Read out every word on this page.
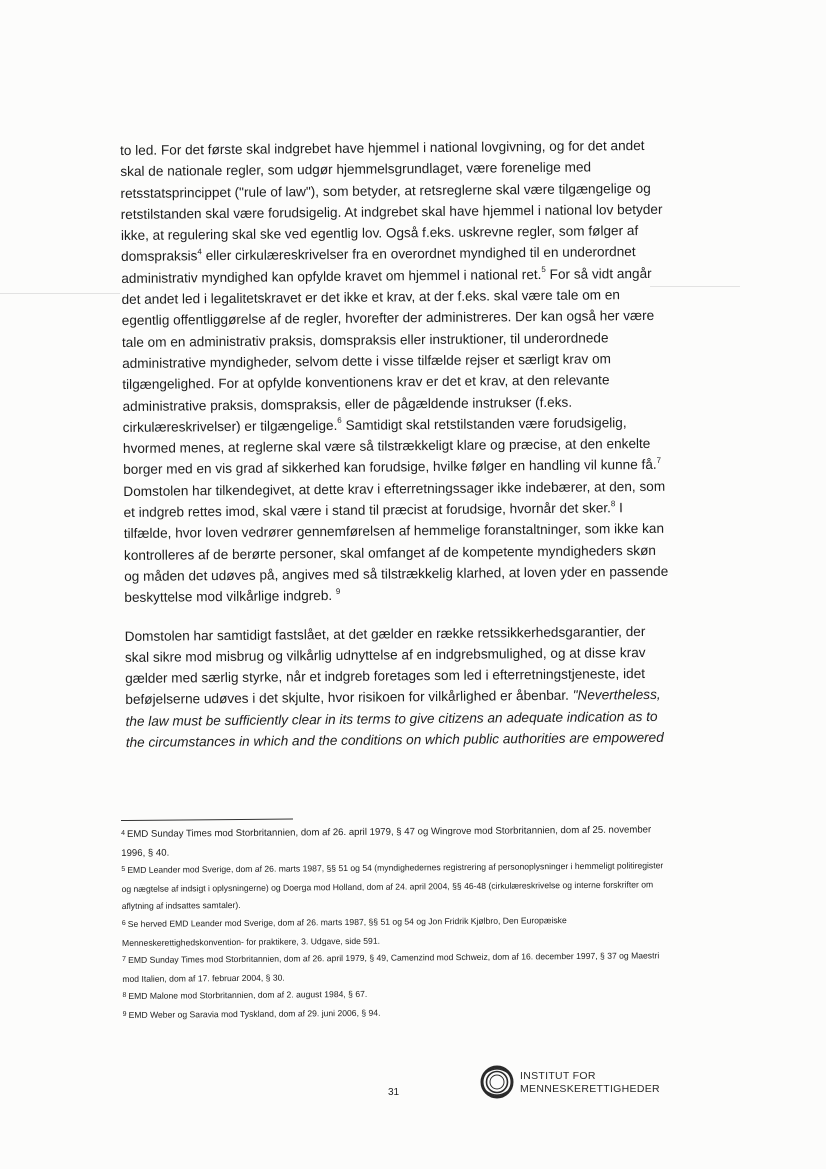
to led. For det første skal indgrebet have hjemmel i national lovgivning, og for det andet skal de nationale regler, som udgør hjemmelsgrundlaget, være forenelige med retsstatsprincippet ("rule of law"), som betyder, at retsreglerne skal være tilgængelige og retstilstanden skal være forudsigelig. At indgrebet skal have hjemmel i national lov betyder ikke, at regulering skal ske ved egentlig lov. Også f.eks. uskrevne regler, som følger af domspraksis$^4$ eller cirkulæreskrivelser fra en overordnet myndighed til en underordnet administrativ myndighed kan opfylde kravet om hjemmel i national ret.$^5$ For så vidt angår det andet led i legalitetskravet er det ikke et krav, at der f.eks. skal være tale om en egentlig offentliggørelse af de regler, hvorefter der administreres. Der kan også her være tale om en administrativ praksis, domspraksis eller instruktioner, til underordnede administrative myndigheder, selvom dette i visse tilfælde rejser et særligt krav om tilgængelighed. For at opfylde konventionens krav er det et krav, at den relevante administrative praksis, domspraksis, eller de pågældende instrukser (f.eks. cirkulæreskrivelser) er tilgængelige.$^6$ Samtidigt skal retstilstanden være forudsigelig, hvormed menes, at reglerne skal være så tilstrækkeligt klare og præcise, at den enkelte borger med en vis grad af sikkerhed kan forudsige, hvilke følger en handling vil kunne få.$^7$ Domstolen har tilkendegivet, at dette krav i efterretningssager ikke indebærer, at den, som et indgreb rettes imod, skal være i stand til præcist at forudsige, hvornår det sker.$^8$ I tilfælde, hvor loven vedrører gennemførelsen af hemmelige foranstaltninger, som ikke kan kontrolleres af de berørte personer, skal omfanget af de kompetente myndigheders skøn og måden det udøves på, angives med så tilstrækkelig klarhed, at loven yder en passende beskyttelse mod vilkårlige indgreb. $^9$

Domstolen har samtidigt fastslået, at det gælder en række retssikkerhedsgarantier, der skal sikre mod misbrug og vilkårlig udnyttelse af en indgrebsmulighed, og at disse krav gælder med særlig styrke, når et indgreb foretages som led i efterretningstjeneste, idet beføjelserne udøves i det skjulte, hvor risikoen for vilkårlighed er åbenbar. "Nevertheless, the law must be sufficiently clear in its terms to give citizens an adequate indication as to the circumstances in which and the conditions on which public authorities are empowered

$^4$ EMD Sunday Times mod Storbritannien, dom af 26. april 1979, § 47 og Wingrove mod Storbritannien, dom af 25. november 1996, § 40.

$^5$ EMD Leander mod Sverige, dom af 26. marts 1987, §§ 51 og 54 (myndighedernes registrering af personoplysninger i hemmeligt politiregister og nægtelse af indsigt i oplysningerne) og Doerga mod Holland, dom af 24. april 2004, §§ 46-48 (cirkulæreskrivelse og interne forskrifter om aflytning af indsattes samtaler).

$^6$ Se herved EMD Leander mod Sverige, dom af 26. marts 1987, §§ 51 og 54 og Jon Fridrik Kjølbro, Den Europæiske Menneskerettighedskonvention- for praktikere, 3. Udgave, side 591.

$^7$ EMD Sunday Times mod Storbritannien, dom af 26. april 1979, § 49, Camenzind mod Schweiz, dom af 16. december 1997, § 37 og Maestri mod Italien, dom af 17. februar 2004, § 30.

$^8$ EMD Malone mod Storbritannien, dom af 2. august 1984, § 67.

$^9$ EMD Weber og Saravia mod Tyskland, dom af 29. juni 2006, § 94.

31
INSTITUT FOR
MENNESKERETTIGHEDER
